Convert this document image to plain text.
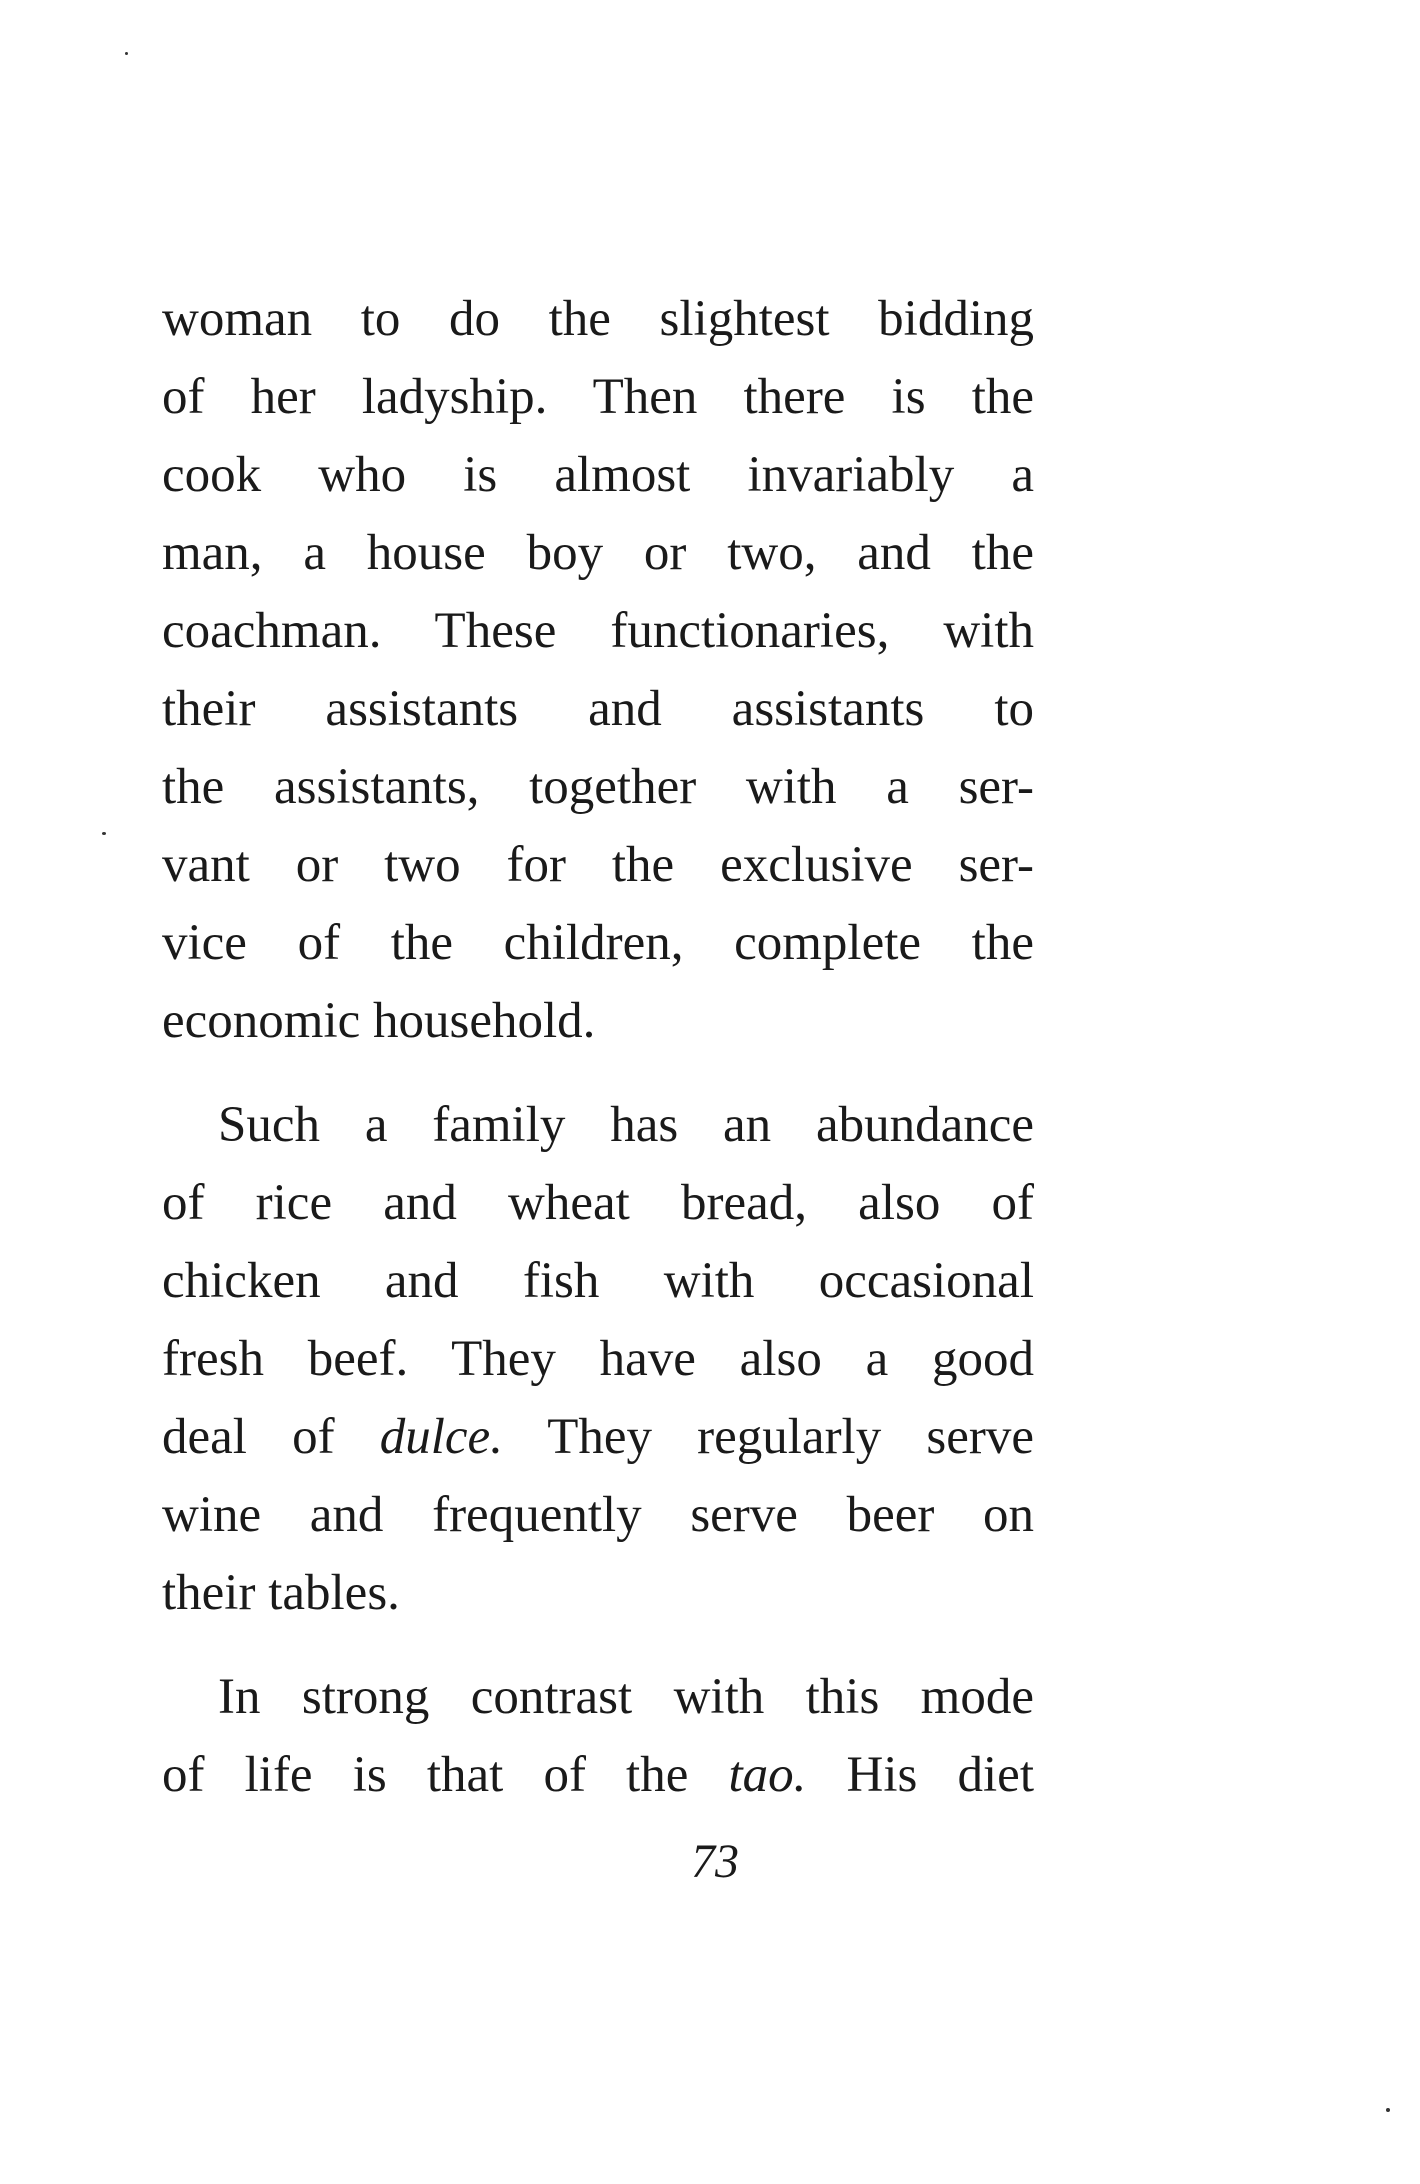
woman to do the slightest bidding
of her ladyship. Then there is the
cook who is almost invariably a
man, a house boy or two, and the
coachman. These functionaries, with
their assistants and assistants to
the assistants, together with a ser-
vant or two for the exclusive ser-
vice of the children, complete the
economic household.
Such a family has an abundance
of rice and wheat bread, also of
chicken and fish with occasional
fresh beef. They have also a good
deal of dulce. They regularly serve
wine and frequently serve beer on
their tables.
In strong contrast with this mode
of life is that of the tao. His diet
73
